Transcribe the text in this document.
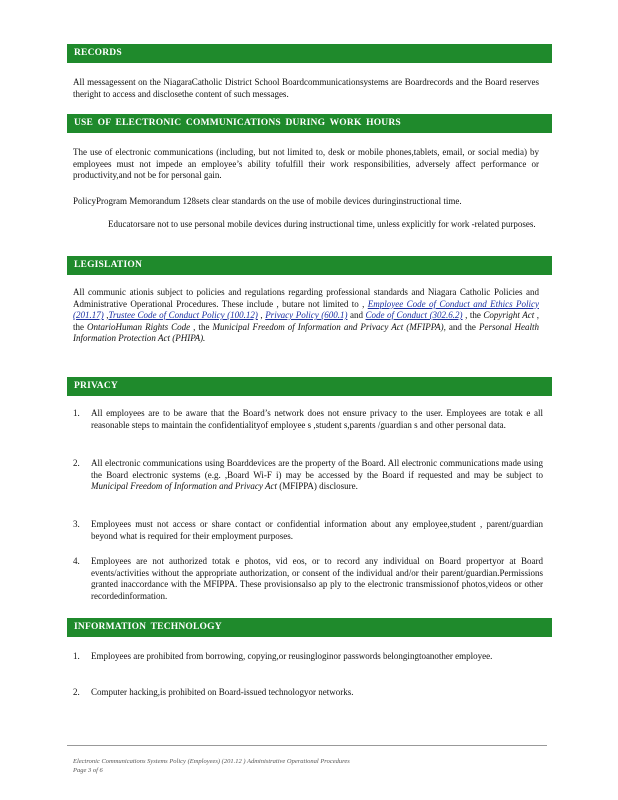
RECORDS
All messagessent on the NiagaraCatholic District School Boardcommunicationsystems are Boardrecords and the Board reserves theright to access and disclosethe content of such messages.
USE OF ELECTRONIC COMMUNICATIONS DURING WORK HOURS
The use of electronic communications (including, but not limited to, desk or mobile phones,tablets, email, or social media) by employees must not impede an employee’s ability tofulfill their work responsibilities, adversely affect performance or productivity,and not be for personal gain.
PolicyProgram Memorandum 128sets clear standards on the use of mobile devices duringinstructional time.
Educatorsare not to use personal mobile devices during instructional time, unless explicitly for work -related purposes.
LEGISLATION
All communic ationis subject to policies and regulations regarding professional standards and Niagara Catholic Policies and Administrative Operational Procedures. These include , butare not limited to , Employee Code of Conduct and Ethics Policy (201.17) ,Trustee Code of Conduct Policy (100.12) , Privacy Policy (600.1) and Code of Conduct (302.6.2) , the Copyright Act , the OntarioHuman Rights Code , the Municipal Freedom of Information and Privacy Act (MFIPPA), and the Personal Health Information Protection Act (PHIPA).
PRIVACY
1. All employees are to be aware that the Board’s network does not ensure privacy to the user. Employees are totak e all reasonable steps to maintain the confidentialityof employee s ,student s,parents /guardian s and other personal data.
2. All electronic communications using Boarddevices are the property of the Board. All electronic communications made using the Board electronic systems (e.g. ,Board Wi-F i) may be accessed by the Board if requested and may be subject to Municipal Freedom of Information and Privacy Act (MFIPPA) disclosure.
3. Employees must not access or share contact or confidential information about any employee,student , parent/guardian beyond what is required for their employment purposes.
4. Employees are not authorized totak e photos, vid eos, or to record any individual on Board propertyor at Board events/activities without the appropriate authorization, or consent of the individual and/or their parent/guardian.Permissions granted inaccordance with the MFIPPA. These provisionsalso ap ply to the electronic transmissionof photos,videos or other recordedinformation.
INFORMATION TECHNOLOGY
1. Employees are prohibited from borrowing, copying,or reusingloginor passwords belongingtoanother employee.
2. Computer hacking,is prohibited on Board-issued technologyor networks.
Electronic Communications Systems Policy (Employees) (201.12 ) Administrative Operational Procedures
Page 3 of 6
